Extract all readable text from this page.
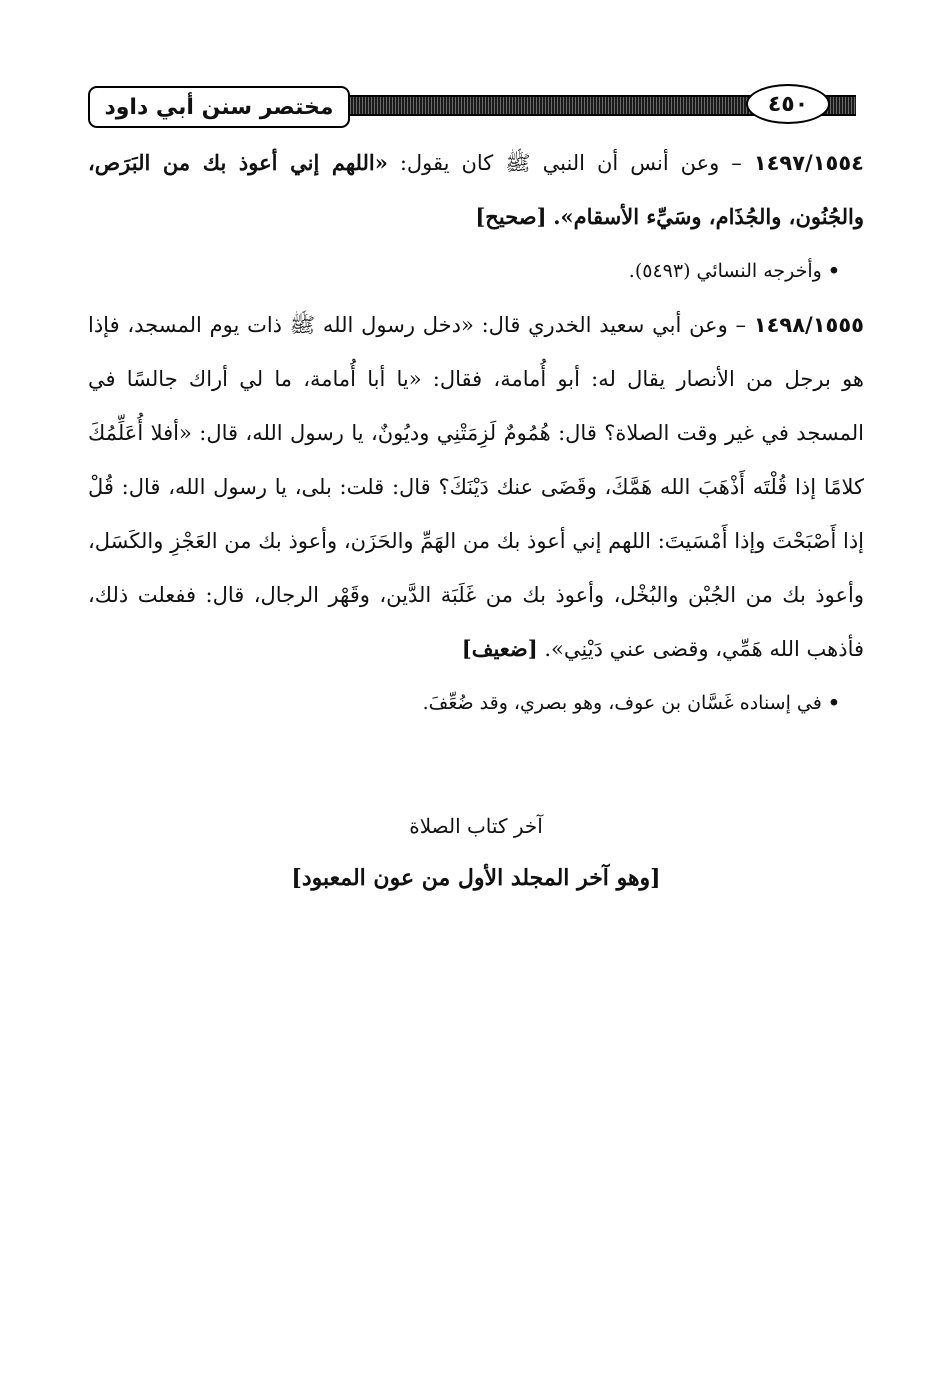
مختصر سنن أبي داود	٤٥٠

١٤٩٧/١٥٥٤ – وعن أنس أن النبي ﷺ كان يقول: «اللهم إني أعوذ بك من البَرَص، والجُنُون، والجُذَام، وسَيِّء الأسقام». [صحيح]

•وأخرجه النسائي (٥٤٩٣).

١٤٩٨/١٥٥٥ – وعن أبي سعيد الخدري قال: «دخل رسول الله ﷺ ذات يوم المسجد، فإذا هو برجل من الأنصار يقال له: أبو أُمامة، فقال: «يا أبا أُمامة، ما لي أراك جالسًا في المسجد في غير وقت الصلاة؟ قال: هُمُومٌ لَزِمَتْنِي وديُونٌ، يا رسول الله، قال: «أفلا أُعَلِّمُكَ كلامًا إذا قُلْتَه أَذْهَبَ الله هَمَّكَ، وقَضَى عنك دَيْنَكَ؟ قال: قلت: بلى، يا رسول الله، قال: قُلْ إذا أَصْبَحْتَ وإذا أَمْسَيتَ: اللهم إني أعوذ بك من الهَمِّ والحَزَن، وأعوذ بك من العَجْزِ والكَسَل، وأعوذ بك من الجُبْن والبُخْل، وأعوذ بك من غَلَبَة الدَّين، وقَهْر الرجال، قال: ففعلت ذلك، فأذهب الله هَمِّي، وقضى عني دَيْنِي». [ضعيف]

•في إسناده غَسَّان بن عوف، وهو بصري، وقد ضُعِّفَ.

آخر كتاب الصلاة
[وهو آخر المجلد الأول من عون المعبود]
